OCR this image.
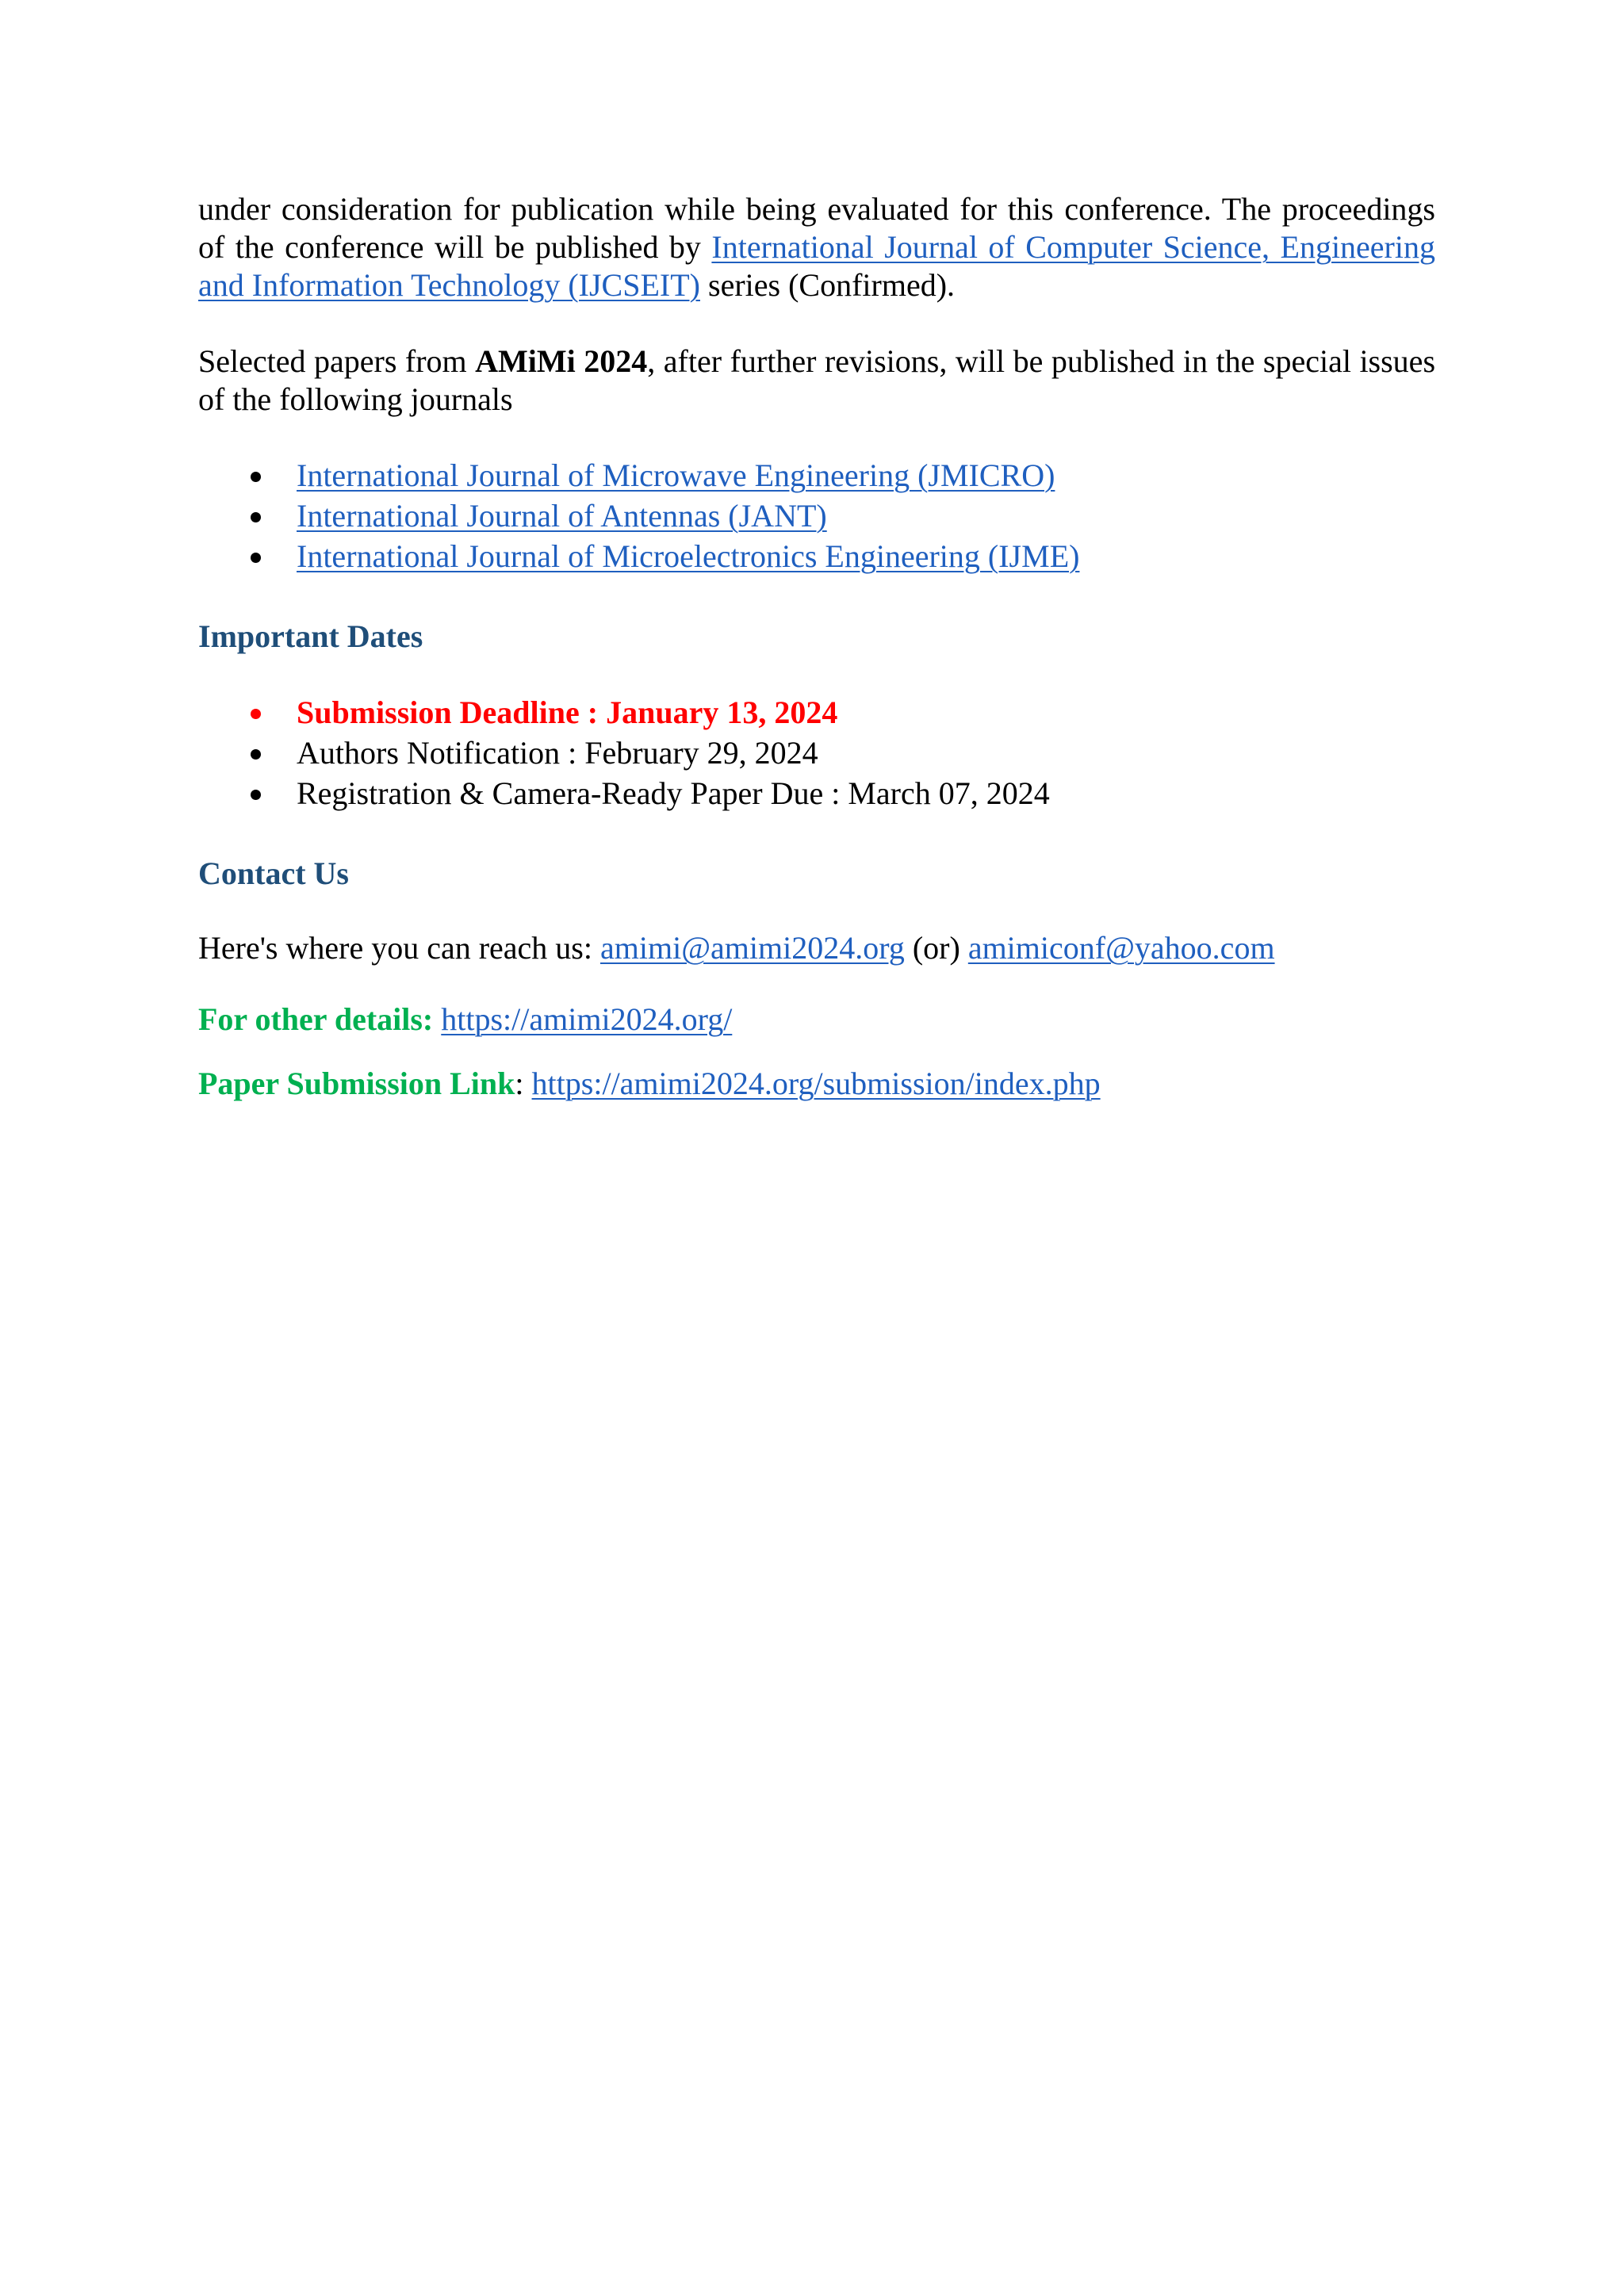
under consideration for publication while being evaluated for this conference. The proceedings of the conference will be published by International Journal of Computer Science, Engineering and Information Technology (IJCSEIT) series (Confirmed).

Selected papers from AMiMi 2024, after further revisions, will be published in the special issues of the following journals

International Journal of Microwave Engineering (JMICRO)
International Journal of Antennas (JANT)
International Journal of Microelectronics Engineering (IJME)

Important Dates

Submission Deadline : January 13, 2024
Authors Notification : February 29, 2024
Registration & Camera-Ready Paper Due : March 07, 2024

Contact Us

Here's where you can reach us: amimi@amimi2024.org (or) amimiconf@yahoo.com

For other details: https://amimi2024.org/

Paper Submission Link: https://amimi2024.org/submission/index.php
